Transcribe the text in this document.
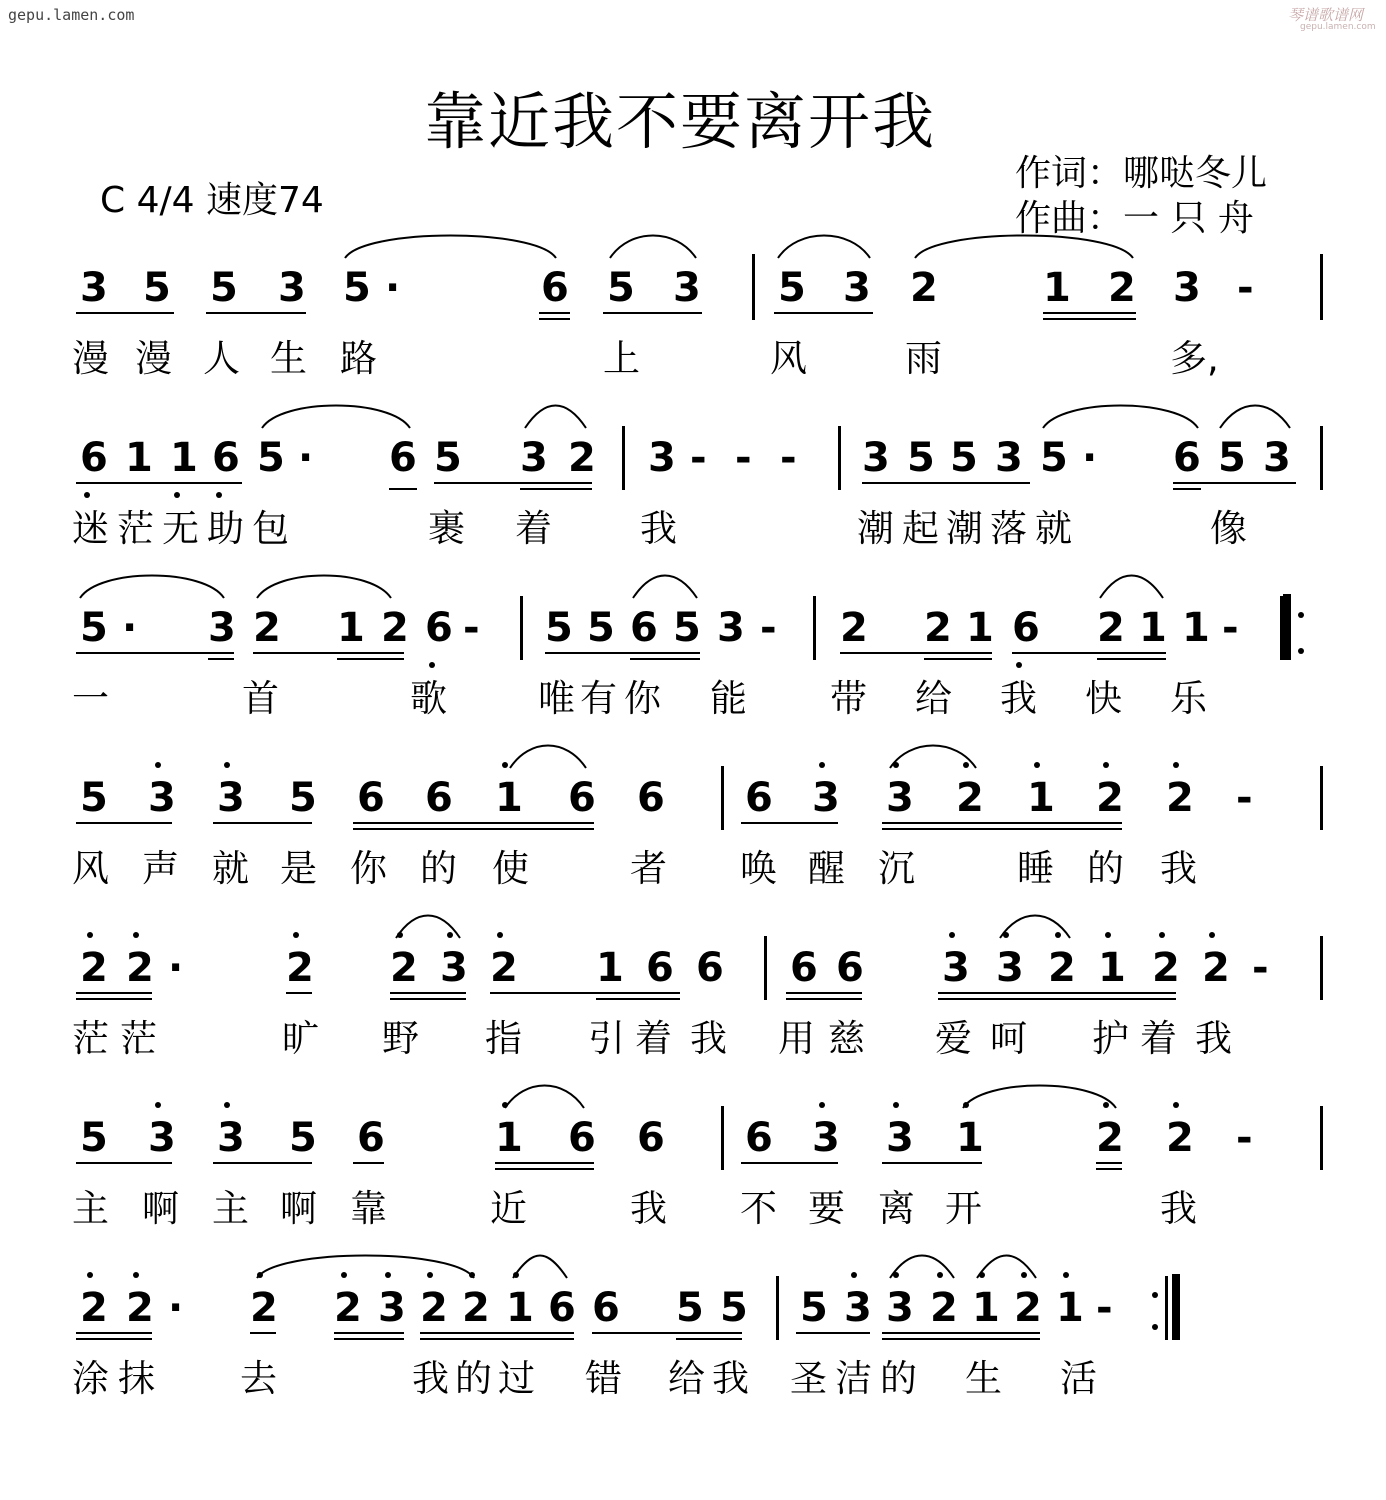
gepu.lamen.com	琴谱歌谱网
gepu.lamen.com
靠近我不要离开我
C 4/4 速度74
作词：哪哒冬儿
作曲：一 只 舟
3 5 5 3 5 ·	6 5 3 5 3 2	1 2 3 -
漫 漫 人 生 路	上	风	雨	多,
6 1 1 6 5 · 6 5 3 2 3 - - - 3 5 5 3 5 · 6 5 3
迷 茫 无 助 包	裹 着 我	潮 起 潮 落 就	像
5 · 3 2 1 2 6 - 5 5 6 5 3 - 2 2 1 6 2 1 1 -
一	首	歌 唯 有 你 能 带 给 我 快 乐
5 3 3 5 6 6 1 6 6 6 3 3 2 1 2 2 -
风 声 就 是 你 的 使	者 唤 醒 沉	睡 的 我
2 2 ·	2 2 3 2 1 6 6 6 6 3 3 2 1 2 2 -
茫 茫	旷 野 指 引 着 我 用 慈 爱 呵 护 着 我
5 3 3 5 6	1 6 6 6 3 3 1	2 2 -
主 啊 主 啊 靠	近	我 不 要 离 开	我
2 2 · 2 2 3 2 2 1 6 6 5 5 5 3 3 2 1 2 1 -
涂 抹 去	我 的 过 错 给 我 圣 洁 的 生 活
